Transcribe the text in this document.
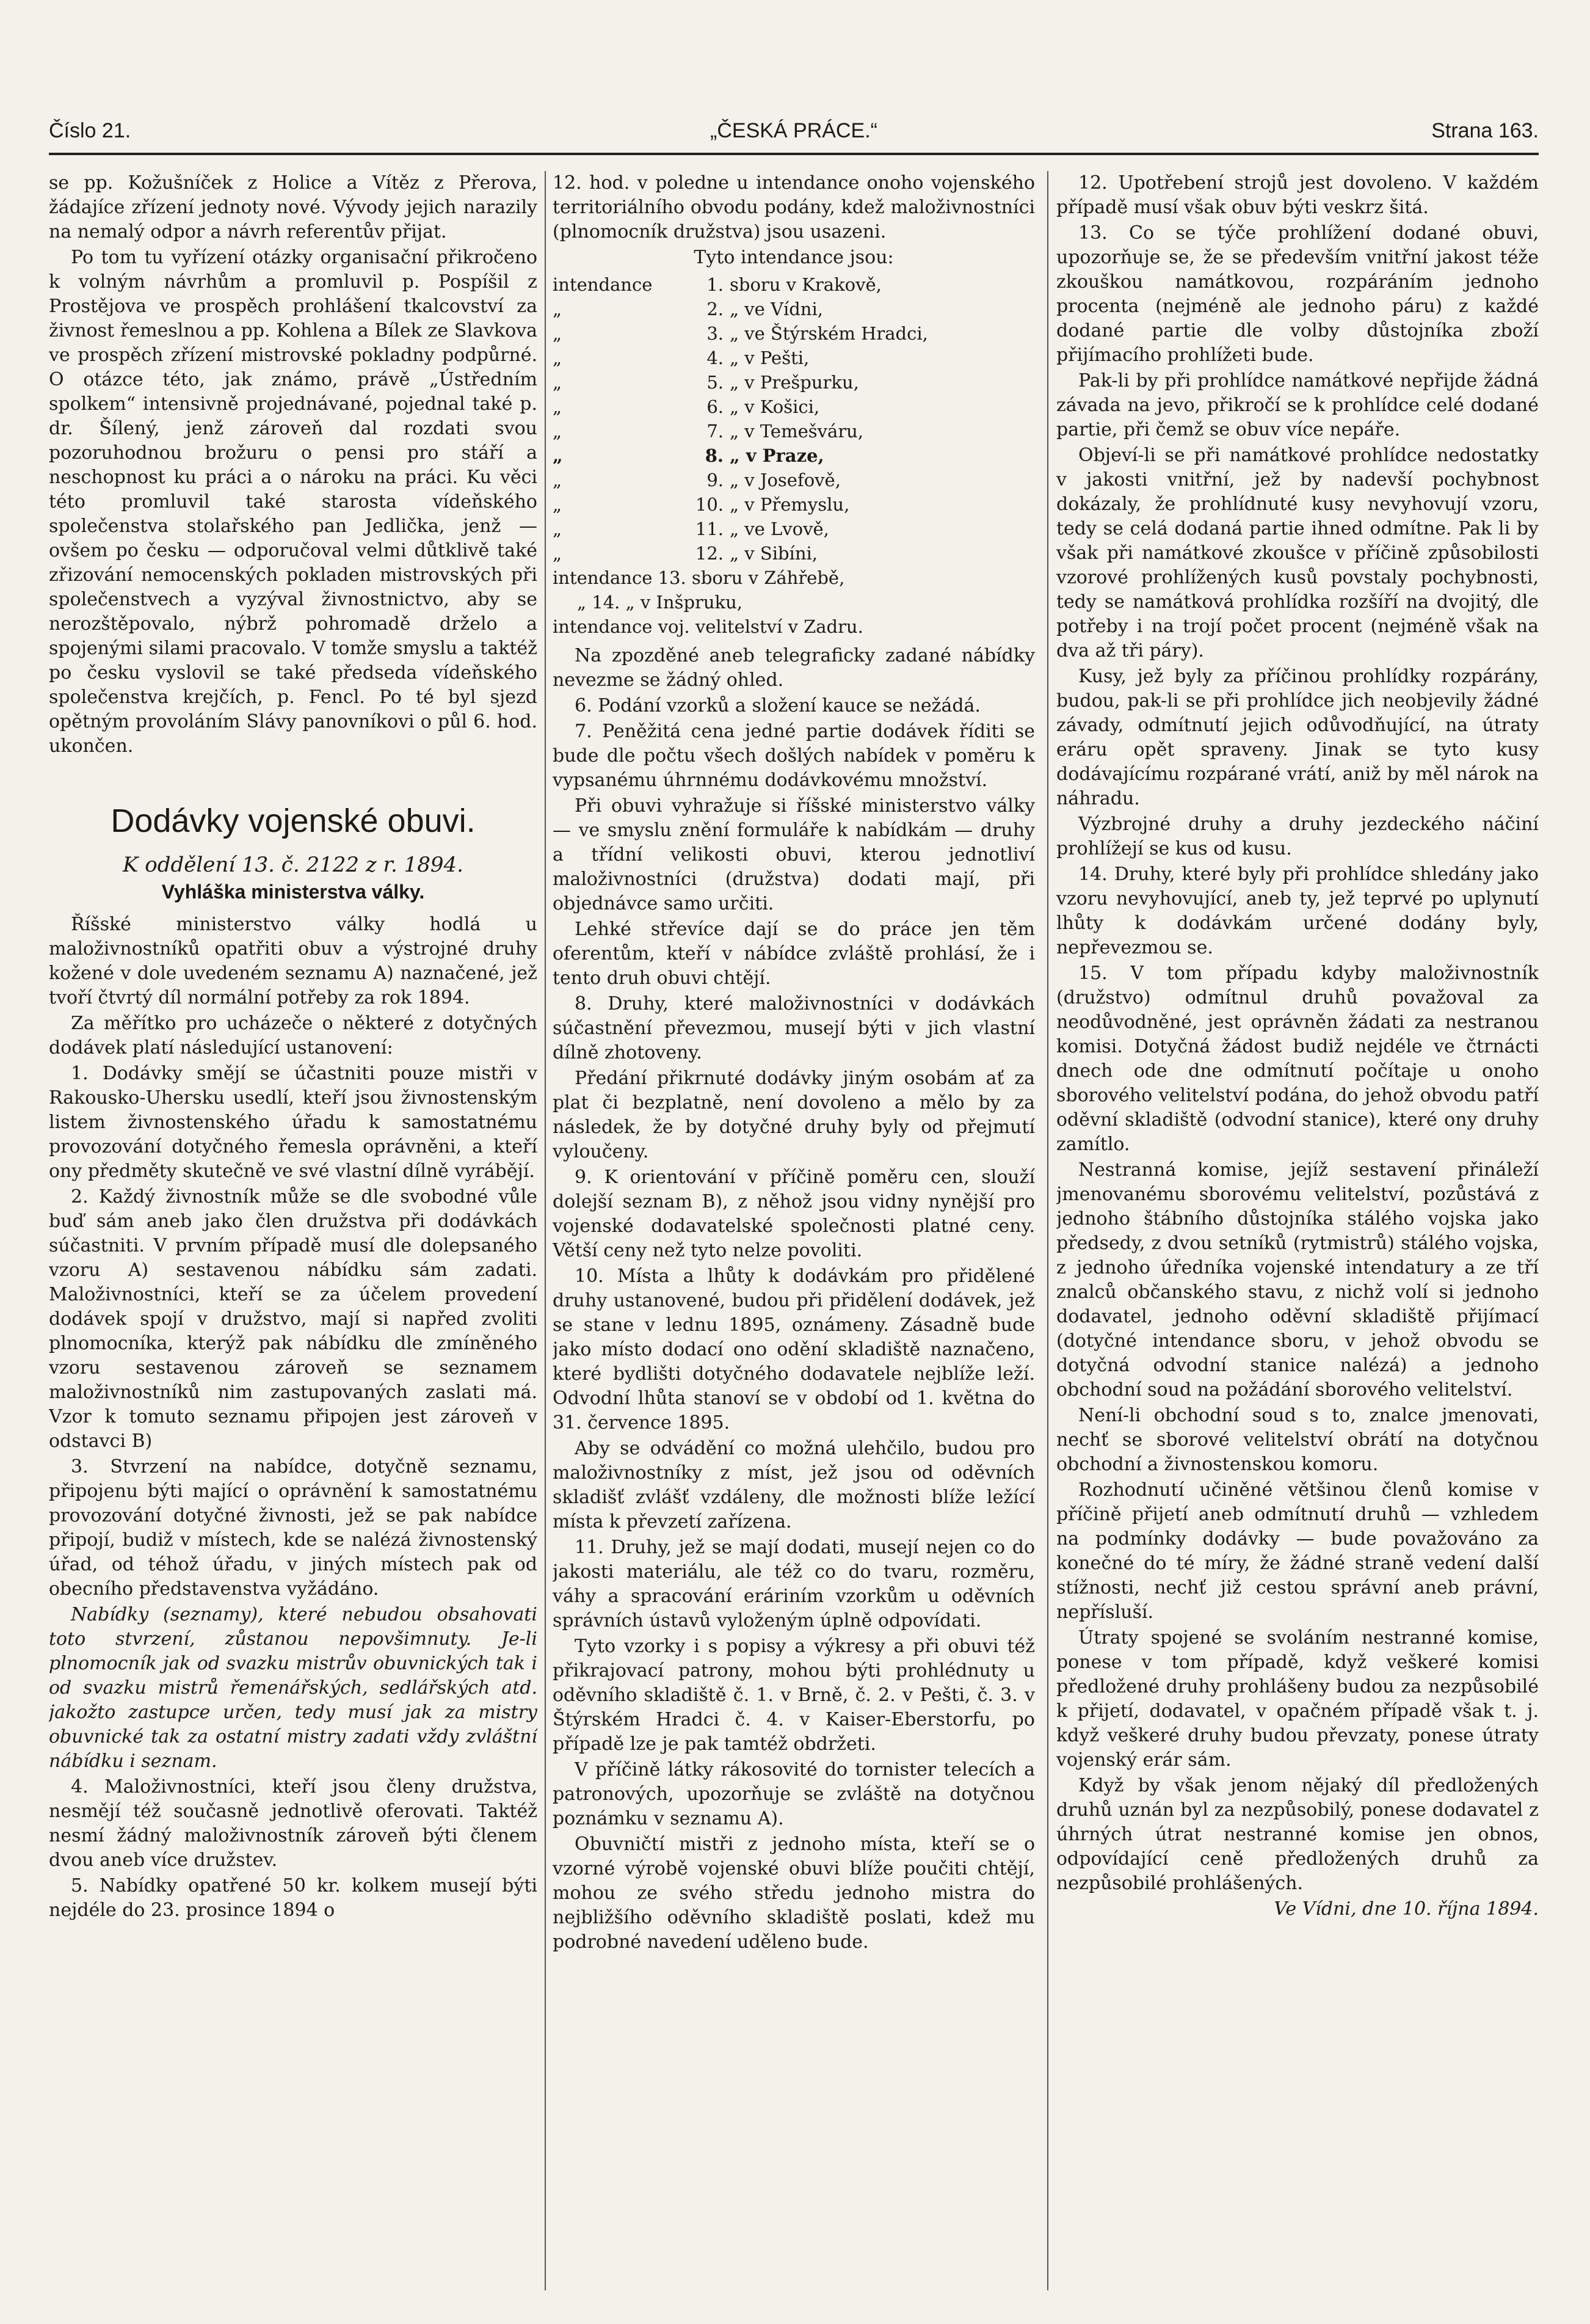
Číslo 21.	„ČESKÁ PRÁCE.“	Strana 163.

se pp. Kožušníček z Holice a Vítěz z Přerova, žádajíce zřízení jednoty nové. Vývody jejich narazily na nemalý odpor a návrh referentův přijat.

Po tom tu vyřízení otázky organisační přikročeno k volným návrhům a promluvil p. Pospíšil z Prostějova ve prospěch prohlášení tkalcovství za živnost řemeslnou a pp. Kohlena a Bílek ze Slavkova ve prospěch zřízení mistrovské pokladny podpůrné. O otázce této, jak známo, právě „Ústředním spolkem“ intensivně projednávané, pojednal také p. dr. Šílený, jenž zároveň dal rozdati svou pozoruhodnou brožuru o pensi pro stáří a neschopnost ku práci a o nároku na práci. Ku věci této promluvil také starosta vídeňského společenstva stolařského pan Jedlička, jenž — ovšem po česku — odporučoval velmi důtklivě také zřizování nemocenských pokladen mistrovských při společenstvech a vyzýval živnostnictvo, aby se nerozštěpovalo, nýbrž pohromadě drželo a spojenými silami pracovalo. V tomže smyslu a taktéž po česku vyslovil se také předseda vídeňského společenstva krejčích, p. Fencl. Po té byl sjezd opětným provoláním Slávy panovníkovi o půl 6. hod. ukončen.

Dodávky vojenské obuvi.
K oddělení 13. č. 2122 z r. 1894.
Vyhláška ministerstva války.

Říšské ministerstvo války hodlá u maloživnostníků opatřiti obuv a výstrojné druhy kožené v dole uvedeném seznamu A) naznačené, jež tvoří čtvrtý díl normální potřeby za rok 1894.

Za měřítko pro ucházeče o některé z dotyčných dodávek platí následující ustanovení:

1. Dodávky smějí se účastniti pouze mistři v Rakousko-Uhersku usedlí, kteří jsou živnostenským listem živnostenského úřadu k samostatnému provozování dotyčného řemesla oprávněni, a kteří ony předměty skutečně ve své vlastní dílně vyrábějí.

2. Každý živnostník může se dle svobodné vůle buď sám aneb jako člen družstva při dodávkách súčastniti. V prvním případě musí dle dolepsaného vzoru A) sestavenou nábídku sám zadati. Maloživnostníci, kteří se za účelem provedení dodávek spojí v družstvo, mají si napřed zvoliti plnomocníka, kterýž pak nábídku dle zmíněného vzoru sestavenou zároveň se seznamem maloživnostníků nim zastupovaných zaslati má. Vzor k tomuto seznamu připojen jest zároveň v odstavci B)

3. Stvrzení na nabídce, dotyčně seznamu, připojenu býti mající o oprávnění k samostatnému provozování dotyčné živnosti, jež se pak nabídce připojí, budiž v místech, kde se nalézá živnostenský úřad, od téhož úřadu, v jiných místech pak od obecního představenstva vyžádáno.

Nabídky (seznamy), které nebudou obsahovati toto stvrzení, zůstanou nepovšimnuty. Je-li plnomocník jak od svazku mistrův obuvnických tak i od svazku mistrů řemenářských, sedlářských atd. jakožto zastupce určen, tedy musí jak za mistry obuvnické tak za ostatní mistry zadati vždy zvláštní nábídku i seznam.

4. Maloživnostníci, kteří jsou členy družstva, nesmějí též současně jednotlivě oferovati. Taktéž nesmí žádný maloživnostník zároveň býti členem dvou aneb více družstev.

5. Nabídky opatřené 50 kr. kolkem musejí býti nejdéle do 23. prosince 1894 o

12. hod. v poledne u intendance onoho vojenského territoriálního obvodu podány, kdež maloživnostníci (plnomocník družstva) jsou usazeni.

Tyto intendance jsou:

intendance	1. sboru v Krakově,
„	2. „ ve Vídni,
„	3. „ ve Štýrském Hradci,
„	4. „ v Pešti,
„	5. „ v Prešpurku,
„	6. „ v Košici,
„	7. „ v Temešváru,
„	8. „ v Praze,
„	9. „ v Josefově,
„	10. „ v Přemyslu,
„	11. „ ve Lvově,
„	12. „ v Sibíni,
intendance 13. sboru v Záhřebě,
„ 14. „ v Inšpruku,
intendance voj. velitelství v Zadru.

Na zpozděné aneb telegraficky zadané nábídky nevezme se žádný ohled.

6. Podání vzorků a složení kauce se nežádá.

7. Peněžitá cena jedné partie dodávek říditi se bude dle počtu všech došlých nabídek v poměru k vypsanému úhrnnému dodávkovému množství.

Při obuvi vyhražuje si říšské ministerstvo války — ve smyslu znění formuláře k nabídkám — druhy a třídní velikosti obuvi, kterou jednotliví maloživnostníci (družstva) dodati mají, při objednávce samo určiti.

Lehké střevíce dají se do práce jen těm oferentům, kteří v nábídce zvláště prohlásí, že i tento druh obuvi chtějí.

8. Druhy, které maloživnostníci v dodávkách súčastnění převezmou, musejí býti v jich vlastní dílně zhotoveny.

Předání přikrnuté dodávky jiným osobám ať za plat či bezplatně, není dovoleno a mělo by za následek, že by dotyčné druhy byly od přejmutí vyloučeny.

9. K orientování v příčině poměru cen, slouží dolejší seznam B), z něhož jsou vidny nynější pro vojenské dodavatelské společnosti platné ceny. Větší ceny než tyto nelze povoliti.

10. Místa a lhůty k dodávkám pro přidělené druhy ustanovené, budou při přidělení dodávek, jež se stane v lednu 1895, oznámeny. Zásadně bude jako místo dodací ono odění skladiště naznačeno, které bydlišti dotyčného dodavatele nejblíže leží. Odvodní lhůta stanoví se v období od 1. května do 31. července 1895.

Aby se odvádění co možná ulehčilo, budou pro maloživnostníky z míst, jež jsou od oděvních skladišť zvlášť vzdáleny, dle možnosti blíže ležící místa k převzetí zařízena.

11. Druhy, jež se mají dodati, musejí nejen co do jakosti materiálu, ale též co do tvaru, rozměru, váhy a spracování eráriním vzorkům u oděvních správních ústavů vyloženým úplně odpovídati.

Tyto vzorky i s popisy a výkresy a při obuvi též přikrajovací patrony, mohou býti prohlédnuty u oděvního skladiště č. 1. v Brně, č. 2. v Pešti, č. 3. v Štýrském Hradci č. 4. v Kaiser-Eberstorfu, po případě lze je pak tamtéž obdržeti.

V příčině látky rákosovité do tornister telecích a patronových, upozorňuje se zvláště na dotyčnou poznámku v seznamu A).

Obuvničtí mistři z jednoho místa, kteří se o vzorné výrobě vojenské obuvi blíže poučiti chtějí, mohou ze svého středu jednoho mistra do nejbližšího oděvního skladiště poslati, kdež mu podrobné navedení uděleno bude.

12. Upotřebení strojů jest dovoleno. V každém případě musí však obuv býti veskrz šitá.

13. Co se týče prohlížení dodané obuvi, upozorňuje se, že se především vnitřní jakost téže zkouškou namátkovou, rozpáráním jednoho procenta (nejméně ale jednoho páru) z každé dodané partie dle volby důstojníka zboží přijímacího prohlížeti bude.

Pak-li by při prohlídce namátkové nepřijde žádná závada na jevo, přikročí se k prohlídce celé dodané partie, při čemž se obuv více nepáře.

Objeví-li se při namátkové prohlídce nedostatky v jakosti vnitřní, jež by nadevší pochybnost dokázaly, že prohlídnuté kusy nevyhovují vzoru, tedy se celá dodaná partie ihned odmítne. Pak li by však při namátkové zkoušce v příčině způsobilosti vzorové prohlížených kusů povstaly pochybnosti, tedy se namátková prohlídka rozšíří na dvojitý, dle potřeby i na trojí počet procent (nejméně však na dva až tři páry).

Kusy, jež byly za příčinou prohlídky rozpárány, budou, pak-li se při prohlídce jich neobjevily žádné závady, odmítnutí jejich odůvodňující, na útraty eráru opět spraveny. Jinak se tyto kusy dodávajícímu rozpárané vrátí, aniž by měl nárok na náhradu.

Výzbrojné druhy a druhy jezdeckého náčiní prohlížejí se kus od kusu.

14. Druhy, které byly při prohlídce shledány jako vzoru nevyhovující, aneb ty, jež teprvé po uplynutí lhůty k dodávkám určené dodány byly, nepřevezmou se.

15. V tom případu kdyby maloživnostník (družstvo) odmítnul druhů považoval za neodůvodněné, jest oprávněn žádati za nestranou komisi. Dotyčná žádost budiž nejdéle ve čtrnácti dnech ode dne odmítnutí počítaje u onoho sborového velitelství podána, do jehož obvodu patří oděvní skladiště (odvodní stanice), které ony druhy zamítlo.

Nestranná komise, jejíž sestavení přináleží jmenovanému sborovému velitelství, pozůstává z jednoho štábního důstojníka stálého vojska jako předsedy, z dvou setníků (rytmistrů) stálého vojska, z jednoho úředníka vojenské intendatury a ze tří znalců občanského stavu, z nichž volí si jednoho dodavatel, jednoho oděvní skladiště přijímací (dotyčné intendance sboru, v jehož obvodu se dotyčná odvodní stanice nalézá) a jednoho obchodní soud na požádání sborového velitelství.

Není-li obchodní soud s to, znalce jmenovati, nechť se sborové velitelství obrátí na dotyčnou obchodní a živnostenskou komoru.

Rozhodnutí učiněné většinou členů komise v příčině přijetí aneb odmítnutí druhů — vzhledem na podmínky dodávky — bude považováno za konečné do té míry, že žádné straně vedení další stížnosti, nechť již cestou správní aneb právní, nepřísluší.

Útraty spojené se svoláním nestranné komise, ponese v tom případě, když veškeré komisi předložené druhy prohlášeny budou za nezpůsobilé k přijetí, dodavatel, v opačném případě však t. j. když veškeré druhy budou převzaty, ponese útraty vojenský erár sám.

Když by však jenom nějaký díl předložených druhů uznán byl za nezpůsobilý, ponese dodavatel z úhrných útrat nestranné komise jen obnos, odpovídající ceně předložených druhů za nezpůsobilé prohlášených.

Ve Vídni, dne 10. října 1894.
